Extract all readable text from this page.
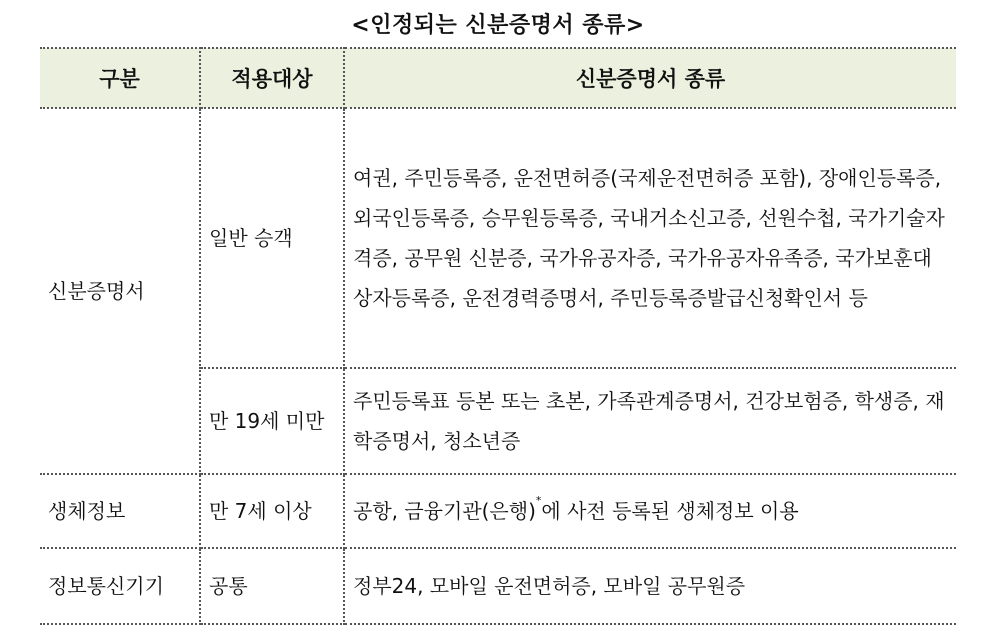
<인정되는 신분증명서 종류>
구분	적용대상	신분증명서 종류
신분증명서	일반 승객	여권, 주민등록증, 운전면허증(국제운전면허증 포함), 장애인등록증, 외국인등록증, 승무원등록증, 국내거소신고증, 선원수첩, 국가기술자격증, 공무원 신분증, 국가유공자증, 국가유공자유족증, 국가보훈대상자등록증, 운전경력증명서, 주민등록증발급신청확인서 등
	만 19세 미만	주민등록표 등본 또는 초본, 가족관계증명서, 건강보험증, 학생증, 재학증명서, 청소년증
생체정보	만 7세 이상	공항, 금융기관(은행)*에 사전 등록된 생체정보 이용
정보통신기기	공통	정부24, 모바일 운전면허증, 모바일 공무원증
